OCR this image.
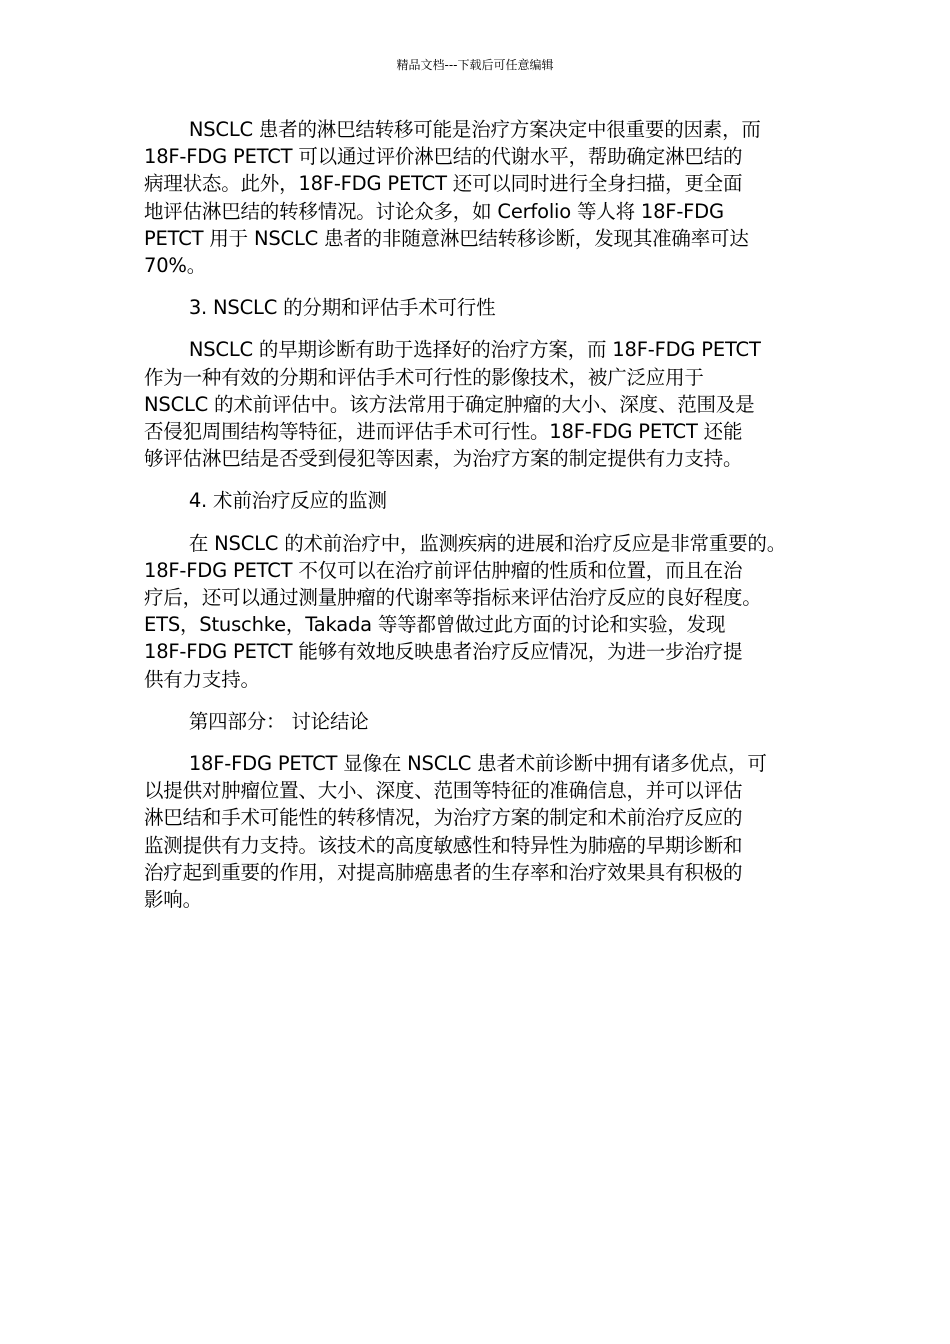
精品文档---下载后可任意编辑

NSCLC 患者的淋巴结转移可能是治疗方案决定中很重要的因素，而
18F-FDG PETCT 可以通过评价淋巴结的代谢水平，帮助确定淋巴结的
病理状态。此外，18F-FDG PETCT 还可以同时进行全身扫描，更全面
地评估淋巴结的转移情况。讨论众多，如 Cerfolio 等人将 18F-FDG
PETCT 用于 NSCLC 患者的非随意淋巴结转移诊断，发现其准确率可达
70%。

3. NSCLC 的分期和评估手术可行性

NSCLC 的早期诊断有助于选择好的治疗方案，而 18F-FDG PETCT
作为一种有效的分期和评估手术可行性的影像技术，被广泛应用于
NSCLC 的术前评估中。该方法常用于确定肿瘤的大小、深度、范围及是
否侵犯周围结构等特征，进而评估手术可行性。18F-FDG PETCT 还能
够评估淋巴结是否受到侵犯等因素，为治疗方案的制定提供有力支持。

4. 术前治疗反应的监测

在 NSCLC 的术前治疗中，监测疾病的进展和治疗反应是非常重要的。
18F-FDG PETCT 不仅可以在治疗前评估肿瘤的性质和位置，而且在治
疗后，还可以通过测量肿瘤的代谢率等指标来评估治疗反应的良好程度。
ETS，Stuschke，Takada 等等都曾做过此方面的讨论和实验，发现
18F-FDG PETCT 能够有效地反映患者治疗反应情况，为进一步治疗提
供有力支持。

第四部分： 讨论结论

18F-FDG PETCT 显像在 NSCLC 患者术前诊断中拥有诸多优点，可
以提供对肿瘤位置、大小、深度、范围等特征的准确信息，并可以评估
淋巴结和手术可能性的转移情况，为治疗方案的制定和术前治疗反应的
监测提供有力支持。该技术的高度敏感性和特异性为肺癌的早期诊断和
治疗起到重要的作用，对提高肺癌患者的生存率和治疗效果具有积极的
影响。
